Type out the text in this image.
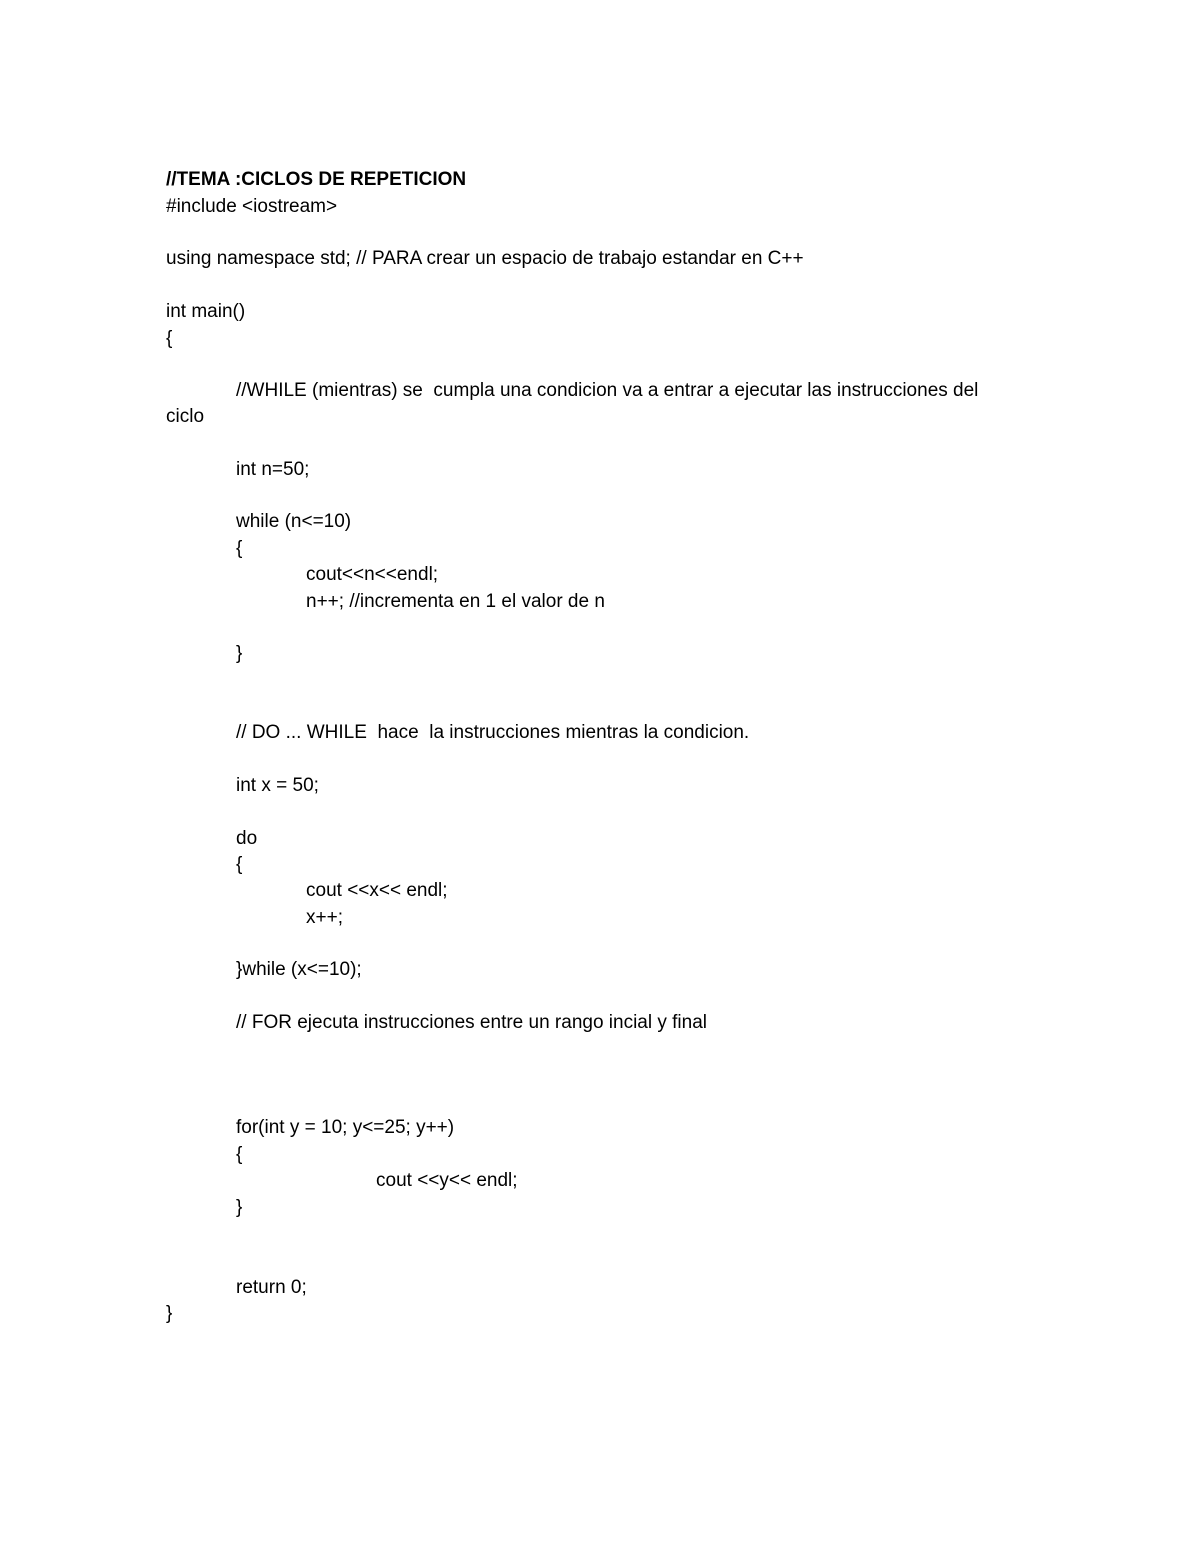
//TEMA :CICLOS DE REPETICION

#include <iostream>

using namespace std; // PARA crear un espacio de trabajo estandar en C++

int main()

{

//WHILE (mientras) se  cumpla una condicion va a entrar a ejecutar las instrucciones del

ciclo

int n=50;

while (n<=10)

{

cout<<n<<endl;

n++; //incrementa en 1 el valor de n

}

// DO ... WHILE  hace  la instrucciones mientras la condicion.

int x = 50;

do

{

cout <<x<< endl;

x++;

}while (x<=10);

// FOR ejecuta instrucciones entre un rango incial y final

for(int y = 10; y<=25; y++)

{

cout <<y<< endl;

}

return 0;

}
